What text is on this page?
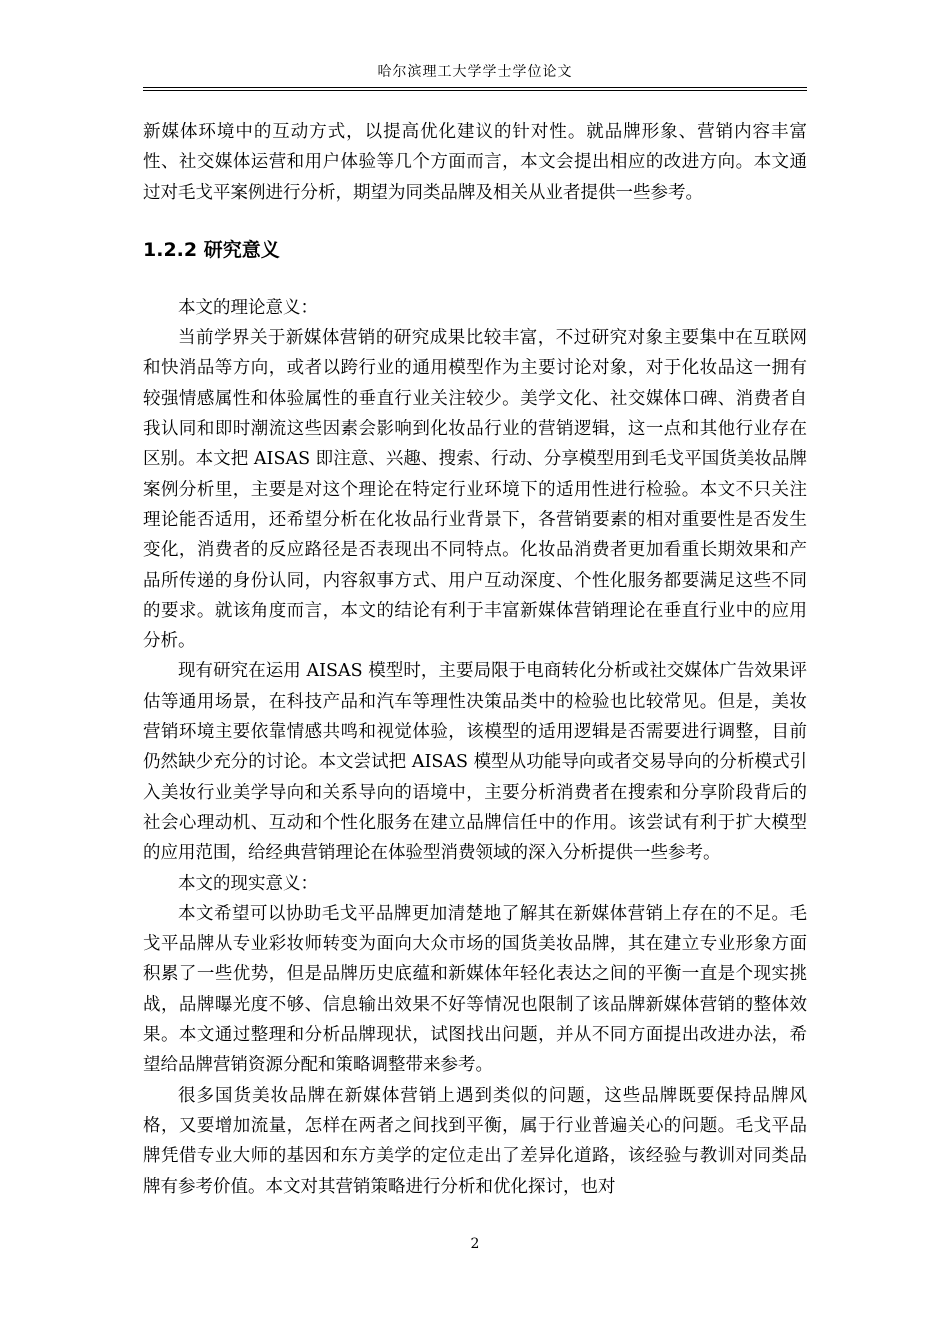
哈尔滨理工大学学士学位论文

新媒体环境中的互动方式，以提高优化建议的针对性。就品牌形象、营销内容丰富性、社交媒体运营和用户体验等几个方面而言，本文会提出相应的改进方向。本文通过对毛戈平案例进行分析，期望为同类品牌及相关从业者提供一些参考。

1.2.2 研究意义

本文的理论意义：

当前学界关于新媒体营销的研究成果比较丰富，不过研究对象主要集中在互联网和快消品等方向，或者以跨行业的通用模型作为主要讨论对象，对于化妆品这一拥有较强情感属性和体验属性的垂直行业关注较少。美学文化、社交媒体口碑、消费者自我认同和即时潮流这些因素会影响到化妆品行业的营销逻辑，这一点和其他行业存在区别。本文把 AISAS 即注意、兴趣、搜索、行动、分享模型用到毛戈平国货美妆品牌案例分析里，主要是对这个理论在特定行业环境下的适用性进行检验。本文不只关注理论能否适用，还希望分析在化妆品行业背景下，各营销要素的相对重要性是否发生变化，消费者的反应路径是否表现出不同特点。化妆品消费者更加看重长期效果和产品所传递的身份认同，内容叙事方式、用户互动深度、个性化服务都要满足这些不同的要求。就该角度而言，本文的结论有利于丰富新媒体营销理论在垂直行业中的应用分析。

现有研究在运用 AISAS 模型时，主要局限于电商转化分析或社交媒体广告效果评估等通用场景，在科技产品和汽车等理性决策品类中的检验也比较常见。但是，美妆营销环境主要依靠情感共鸣和视觉体验，该模型的适用逻辑是否需要进行调整，目前仍然缺少充分的讨论。本文尝试把 AISAS 模型从功能导向或者交易导向的分析模式引入美妆行业美学导向和关系导向的语境中，主要分析消费者在搜索和分享阶段背后的社会心理动机、互动和个性化服务在建立品牌信任中的作用。该尝试有利于扩大模型的应用范围，给经典营销理论在体验型消费领域的深入分析提供一些参考。

本文的现实意义：

本文希望可以协助毛戈平品牌更加清楚地了解其在新媒体营销上存在的不足。毛戈平品牌从专业彩妆师转变为面向大众市场的国货美妆品牌，其在建立专业形象方面积累了一些优势，但是品牌历史底蕴和新媒体年轻化表达之间的平衡一直是个现实挑战，品牌曝光度不够、信息输出效果不好等情况也限制了该品牌新媒体营销的整体效果。本文通过整理和分析品牌现状，试图找出问题，并从不同方面提出改进办法，希望给品牌营销资源分配和策略调整带来参考。

很多国货美妆品牌在新媒体营销上遇到类似的问题，这些品牌既要保持品牌风格，又要增加流量，怎样在两者之间找到平衡，属于行业普遍关心的问题。毛戈平品牌凭借专业大师的基因和东方美学的定位走出了差异化道路，该经验与教训对同类品牌有参考价值。本文对其营销策略进行分析和优化探讨，也对

2
